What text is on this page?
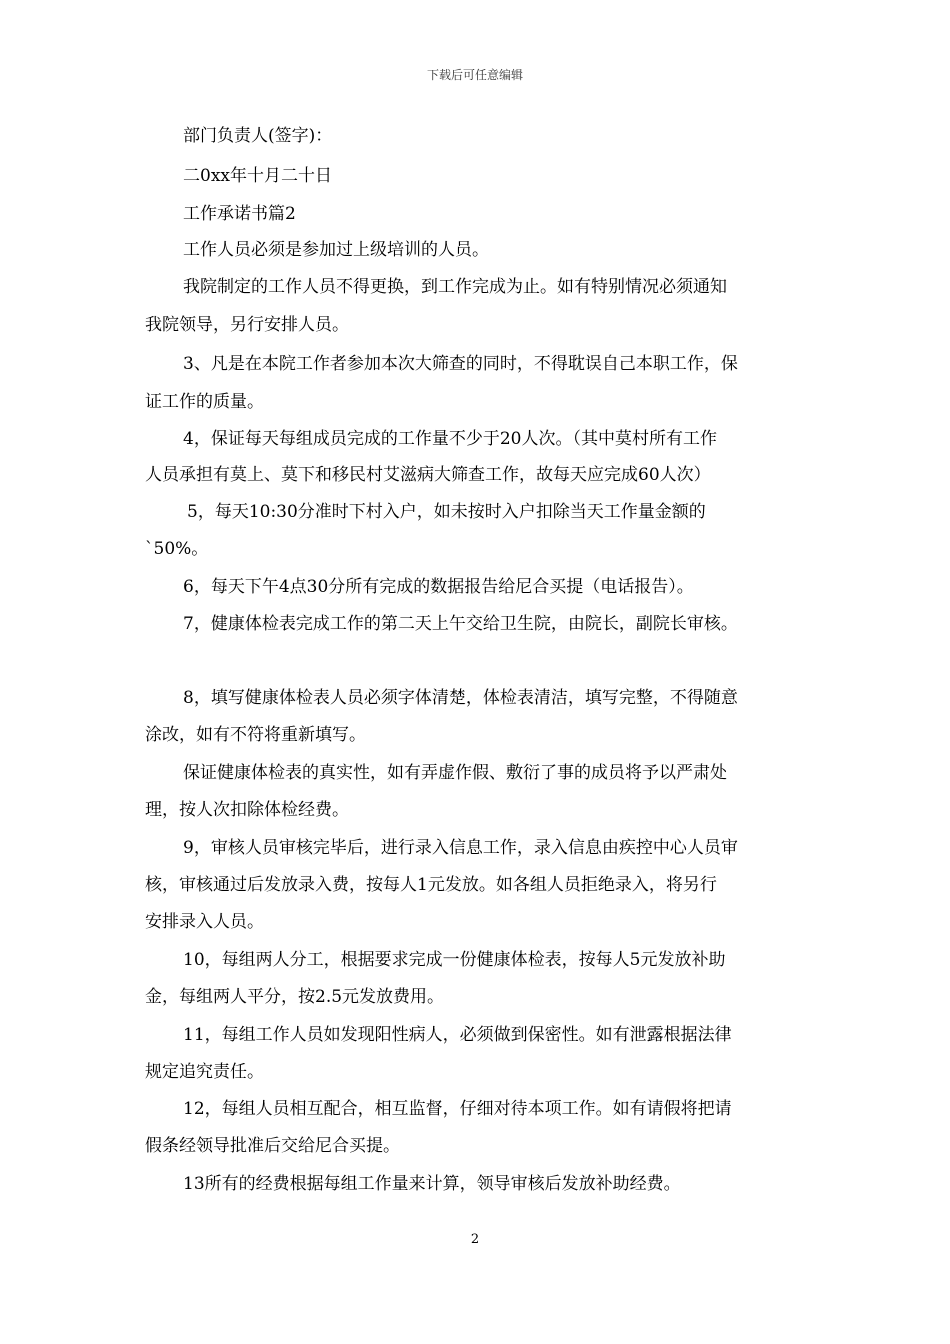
下载后可任意编辑
部门负责人(签字)：
二0xx年十月二十日
工作承诺书篇2
工作人员必须是参加过上级培训的人员。
我院制定的工作人员不得更换，到工作完成为止。如有特别情况必须通知
我院领导，另行安排人员。
3、凡是在本院工作者参加本次大筛查的同时，不得耽误自己本职工作，保
证工作的质量。
4，保证每天每组成员完成的工作量不少于20人次。（其中莫村所有工作
人员承担有莫上、莫下和移民村艾滋病大筛查工作，故每天应完成60人次）
5，每天10:30分准时下村入户，如未按时入户扣除当天工作量金额的
`50%。
6，每天下午4点30分所有完成的数据报告给尼合买提（电话报告）。
7，健康体检表完成工作的第二天上午交给卫生院，由院长，副院长审核。
8，填写健康体检表人员必须字体清楚，体检表清洁，填写完整，不得随意
涂改，如有不符将重新填写。
保证健康体检表的真实性，如有弄虚作假、敷衍了事的成员将予以严肃处
理，按人次扣除体检经费。
9，审核人员审核完毕后，进行录入信息工作，录入信息由疾控中心人员审
核，审核通过后发放录入费，按每人1元发放。如各组人员拒绝录入，将另行
安排录入人员。
10，每组两人分工，根据要求完成一份健康体检表，按每人5元发放补助
金，每组两人平分，按2.5元发放费用。
11，每组工作人员如发现阳性病人，必须做到保密性。如有泄露根据法律
规定追究责任。
12，每组人员相互配合，相互监督，仔细对待本项工作。如有请假将把请
假条经领导批准后交给尼合买提。
13所有的经费根据每组工作量来计算，领导审核后发放补助经费。
2
